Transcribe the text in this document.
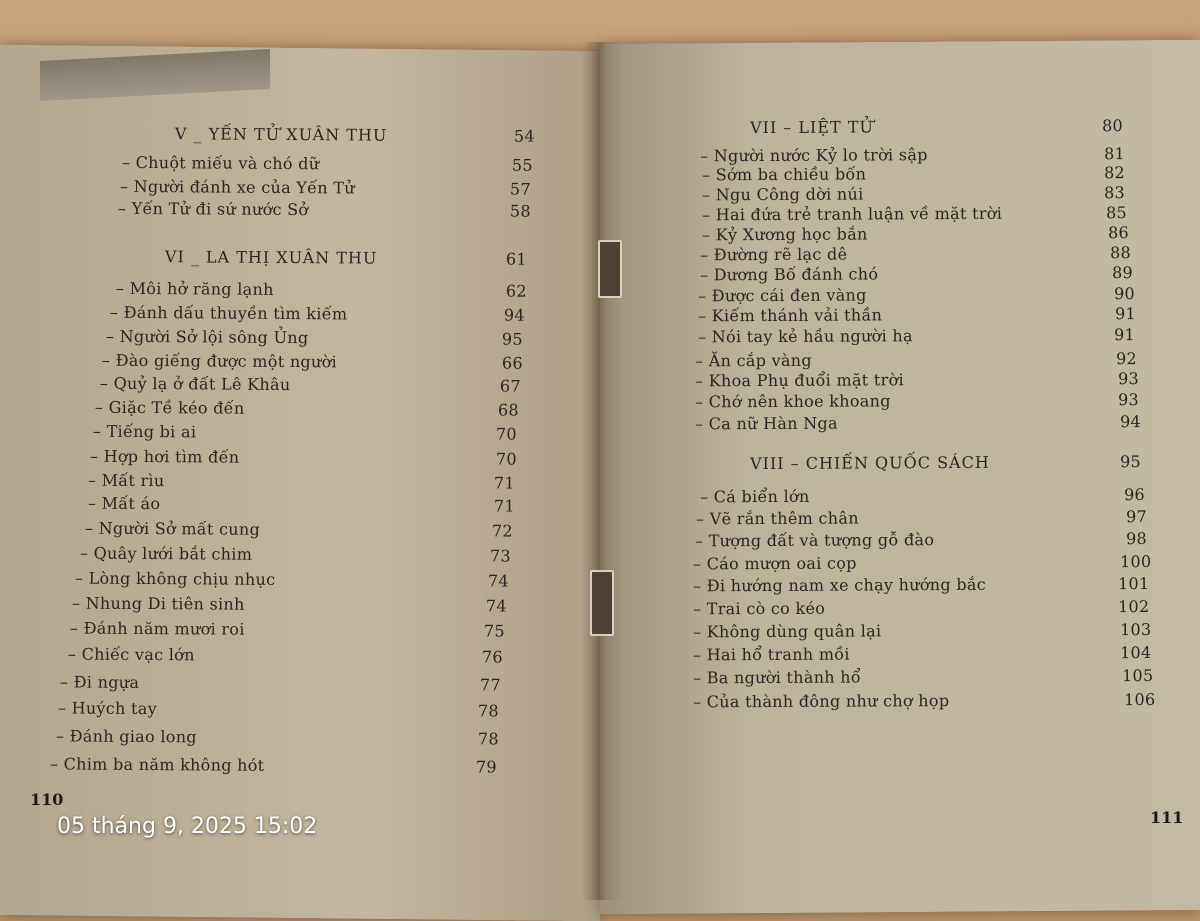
V _ YẾN TỬ XUÂN THU	54
– Chuột miếu và chó dữ	55
– Người đánh xe của Yến Tử	57
– Yến Tử đi sứ nước Sở	58
VI _ LA THỊ XUÂN THU	61
– Môi hở răng lạnh	62
– Đánh dấu thuyền tìm kiếm	94
– Người Sở lội sông Ủng	95
– Đào giếng được một người	66
– Quỷ lạ ở đất Lê Khâu	67
– Giặc Tề kéo đến	68
– Tiếng bi ai	70
– Hợp hơi tìm đến	70
– Mất rìu	71
– Mất áo	71
– Người Sở mất cung	72
– Quây lưới bắt chim	73
– Lòng không chịu nhục	74
– Nhung Di tiên sinh	74
– Đánh năm mươi roi	75
– Chiếc vạc lớn	76
– Đi ngựa	77
– Huých tay	78
– Đánh giao long	78
– Chim ba năm không hót	79
110
VII – LIỆT TỬ	80
– Người nước Kỷ lo trời sập	81
– Sớm ba chiều bốn	82
– Ngu Công dời núi	83
– Hai đứa trẻ tranh luận về mặt trời	85
– Kỷ Xương học bắn	86
– Đường rẽ lạc dê	88
– Dương Bố đánh chó	89
– Được cái đen vàng	90
– Kiếm thánh vải thần	91
– Nói tay kẻ hầu người hạ	91
– Ăn cắp vàng	92
– Khoa Phụ đuổi mặt trời	93
– Chớ nên khoe khoang	93
– Ca nữ Hàn Nga	94
VIII – CHIẾN QUỐC SÁCH	95
– Cá biển lớn	96
– Vẽ rắn thêm chân	97
– Tượng đất và tượng gỗ đào	98
– Cáo mượn oai cọp	100
– Đi hướng nam xe chạy hướng bắc	101
– Trai cò co kéo	102
– Không dùng quân lại	103
– Hai hổ tranh mồi	104
– Ba người thành hổ	105
– Của thành đông như chợ họp	106
111
05 tháng 9, 2025 15:02
